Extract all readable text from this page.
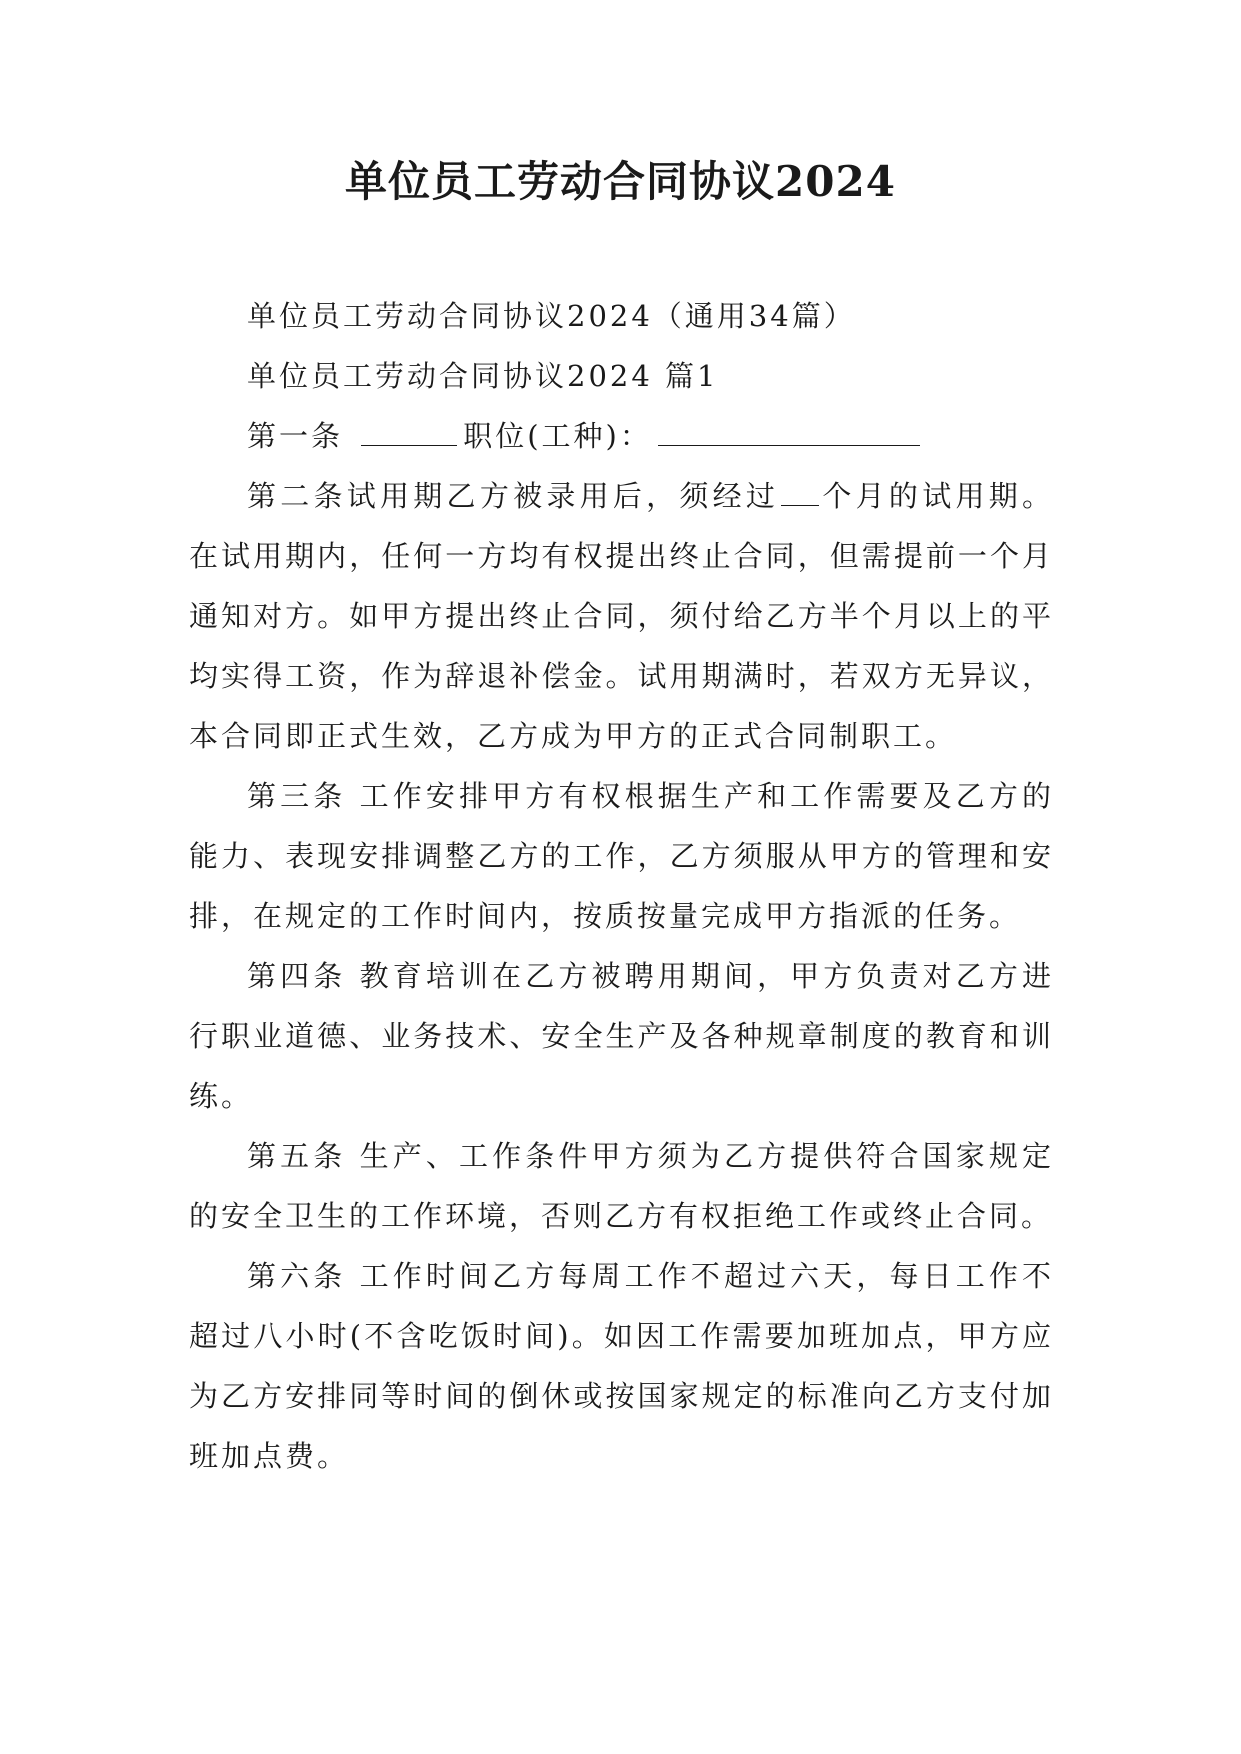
单位员工劳动合同协议2024

单位员工劳动合同协议2024（通用34篇）

单位员工劳动合同协议2024 篇1

第一条	职位(工种)：

第二条试用期乙方被录用后，须经过 个月的试用期。在试用期内，任何一方均有权提出终止合同，但需提前一个月通知对方。如甲方提出终止合同，须付给乙方半个月以上的平均实得工资，作为辞退补偿金。试用期满时，若双方无异议，本合同即正式生效，乙方成为甲方的正式合同制职工。

第三条 工作安排甲方有权根据生产和工作需要及乙方的能力、表现安排调整乙方的工作，乙方须服从甲方的管理和安排，在规定的工作时间内，按质按量完成甲方指派的任务。

第四条 教育培训在乙方被聘用期间，甲方负责对乙方进行职业道德、业务技术、安全生产及各种规章制度的教育和训练。

第五条 生产、工作条件甲方须为乙方提供符合国家规定的安全卫生的工作环境，否则乙方有权拒绝工作或终止合同。

第六条 工作时间乙方每周工作不超过六天，每日工作不超过八小时(不含吃饭时间)。如因工作需要加班加点，甲方应为乙方安排同等时间的倒休或按国家规定的标准向乙方支付加班加点费。
